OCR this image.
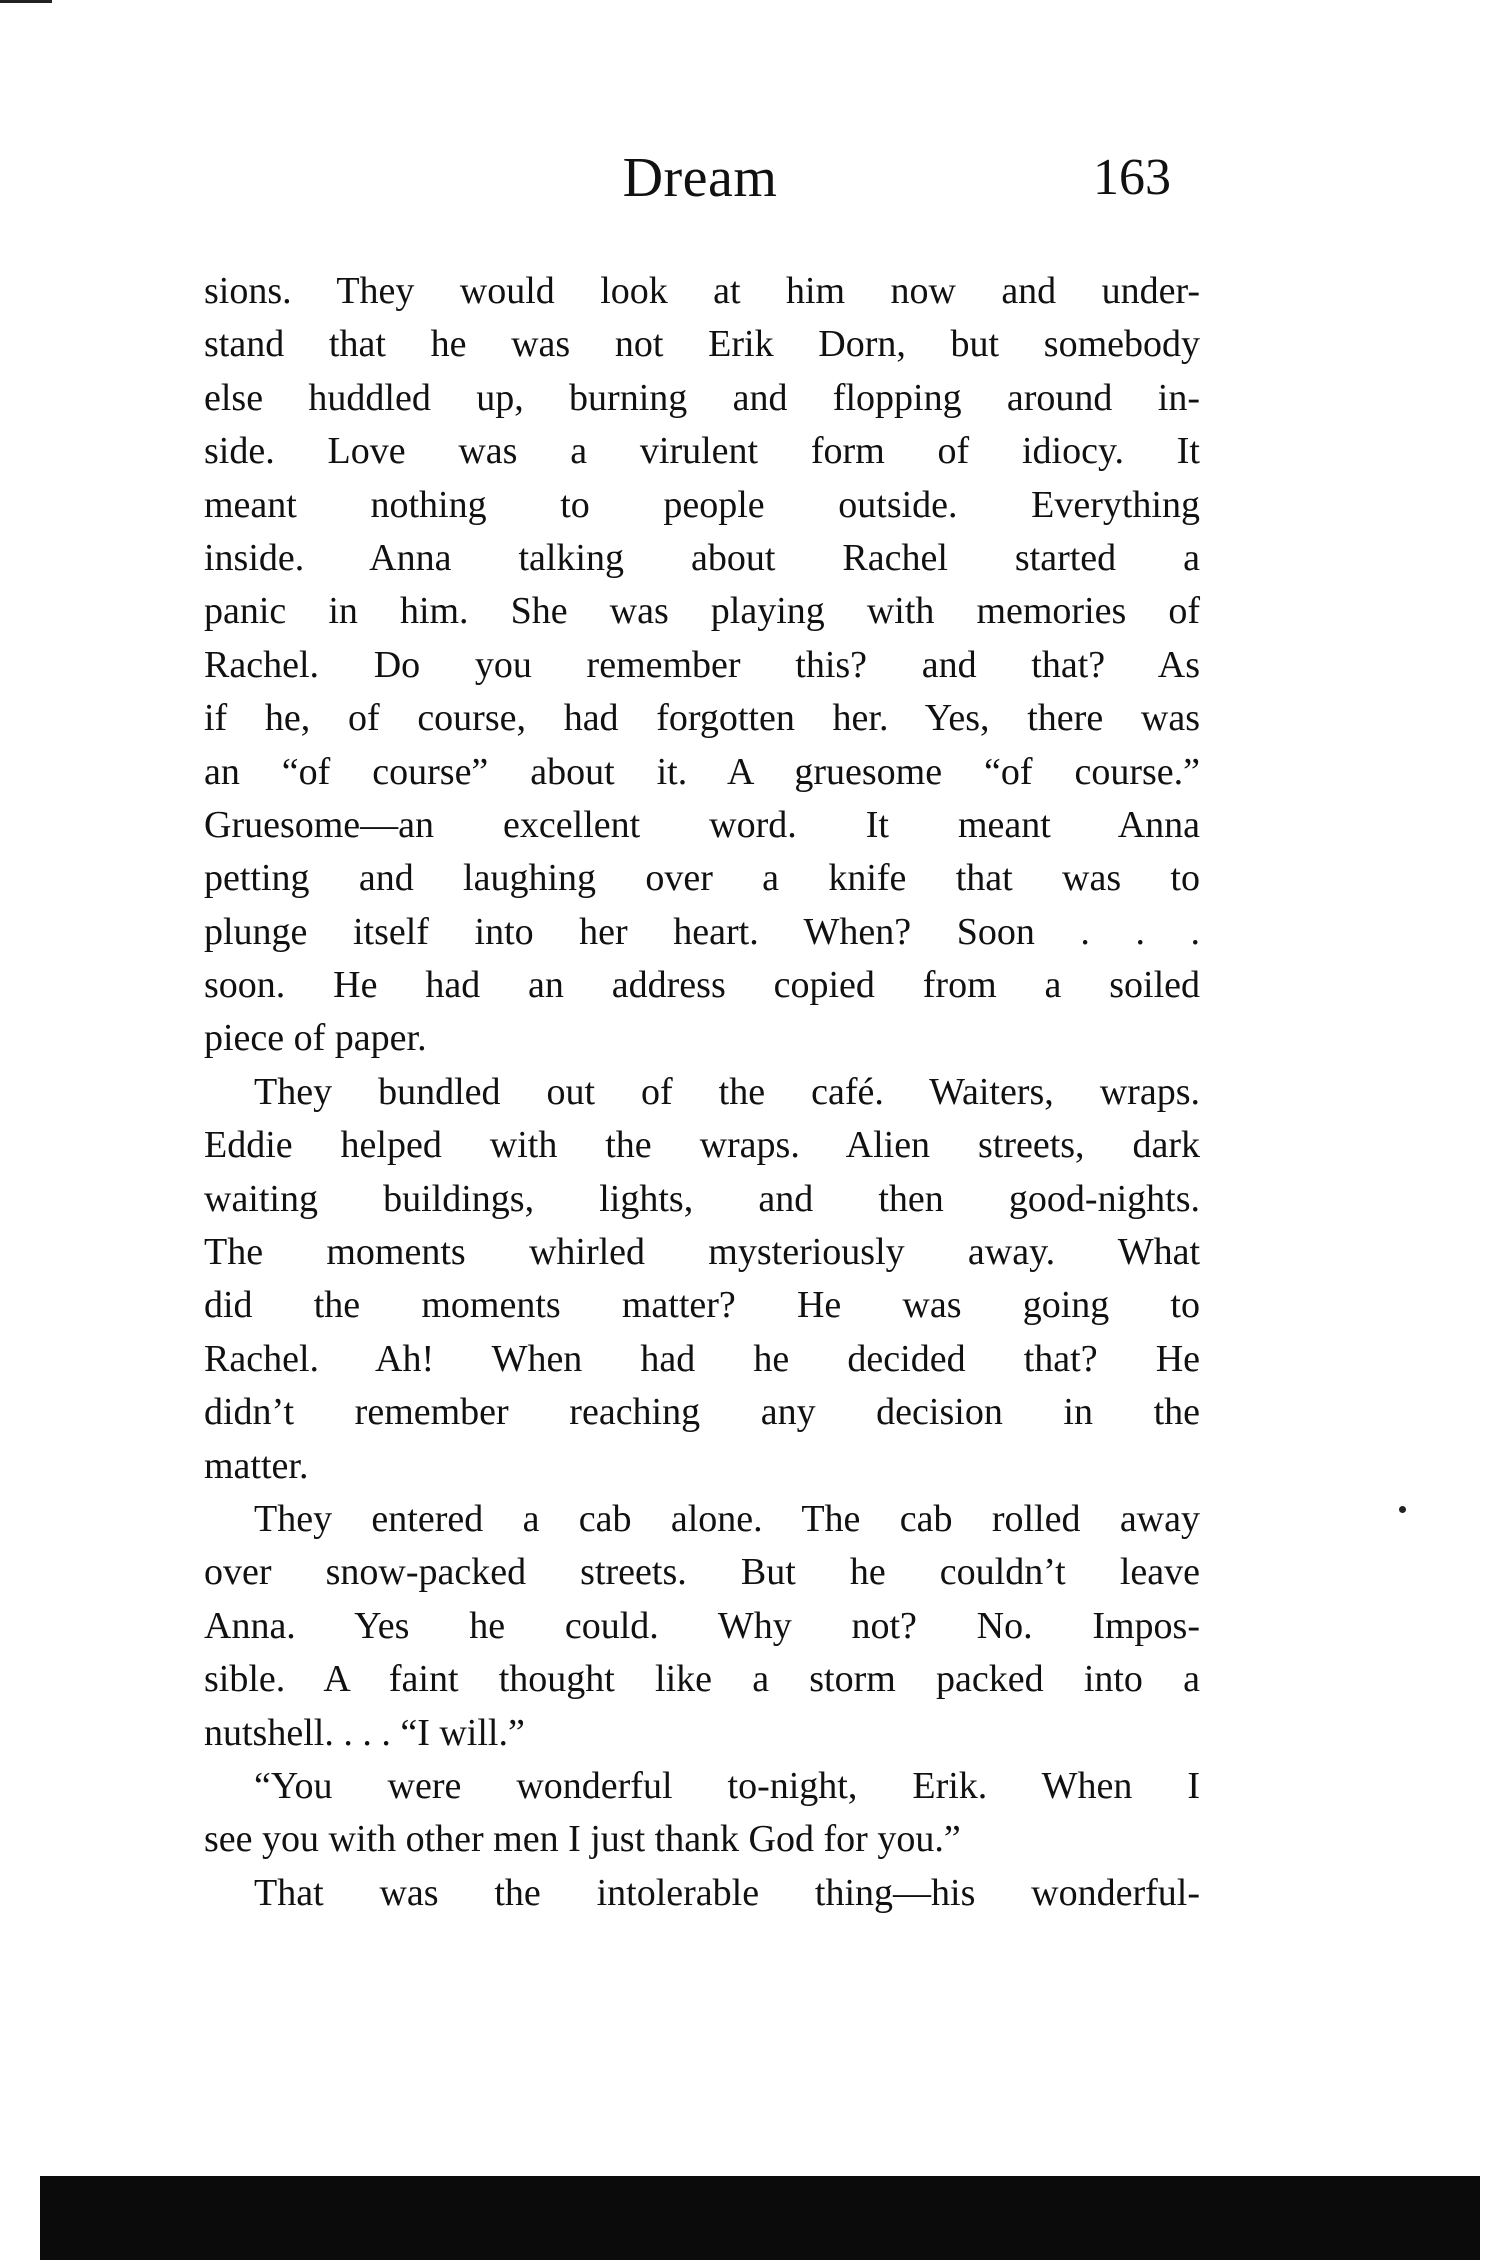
Dream	163
sions. They would look at him now and under-
stand that he was not Erik Dorn, but somebody
else huddled up, burning and flopping around in-
side. Love was a virulent form of idiocy. It
meant nothing to people outside. Everything
inside. Anna talking about Rachel started a
panic in him. She was playing with memories of
Rachel. Do you remember this? and that? As
if he, of course, had forgotten her. Yes, there was
an “of course” about it. A gruesome “of course.”
Gruesome—an excellent word. It meant Anna
petting and laughing over a knife that was to
plunge itself into her heart. When? Soon . . .
soon. He had an address copied from a soiled
piece of paper.
They bundled out of the café. Waiters, wraps.
Eddie helped with the wraps. Alien streets, dark
waiting buildings, lights, and then good-nights.
The moments whirled mysteriously away. What
did the moments matter? He was going to
Rachel. Ah! When had he decided that? He
didn’t remember reaching any decision in the
matter.
They entered a cab alone. The cab rolled away
over snow-packed streets. But he couldn’t leave
Anna. Yes he could. Why not? No. Impos-
sible. A faint thought like a storm packed into a
nutshell. . . . “I will.”
“You were wonderful to-night, Erik. When I
see you with other men I just thank God for you.”
That was the intolerable thing—his wonderful-
